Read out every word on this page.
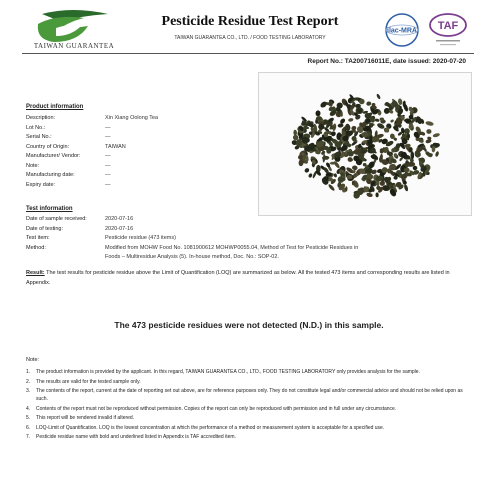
TAIWAN GUARANTEA
Pesticide Residue Test Report
TAIWAN GUARANTEA CO., LTD. / FOOD TESTING LABORATORY
ilac-MRA TAF
Report No.: TA200716011E, date issued: 2020-07-20
Product information
Description:	Xin Xiang Oolong Tea
Lot No.:	—
Serial No.:	—
Country of Origin:	TAIWAN
Manufacturer/ Vendor:	—
Note:	—
Manufacturing date:	—
Expiry date:	—
Test information
Date of sample received:	2020-07-16
Date of testing:	2020-07-16
Test item:	Pesticide residue (473 items)
Method:	Modified from MOHW Food No. 1081900612 MOHWP0055.04, Method of Test for Pesticide Residues in
Foods – Multiresidue Analysis (5). In-house method, Doc. No.: SOP-02.
Result: The test results for pesticide residue above the Limit of Quantification (LOQ) are summarized as below. All the tested 473 items and corresponding results are listed in Appendix.
The 473 pesticide residues were not detected (N.D.) in this sample.
Note:
1.	The product information is provided by the applicant. In this regard, TAIWAN GUARANTEA CO., LTD., FOOD TESTING LABORATORY only provides analysis for the sample.
2.	The results are valid for the tested sample only.
3.	The contents of the report, current at the date of reporting set out above, are for reference purposes only. They do not constitute legal and/or commercial advice and should not be relied upon as such.
4.	Contents of the report must not be reproduced without permission. Copies of the report can only be reproduced with permission and in full under any circumstance.
5.	This report will be rendered invalid if altered.
6.	LOQ-Limit of Quantification. LOQ is the lowest concentration at which the performance of a method or measurement system is acceptable for a specified use.
7.	Pesticide residue name with bold and underlined listed in Appendix is TAF accredited item.
